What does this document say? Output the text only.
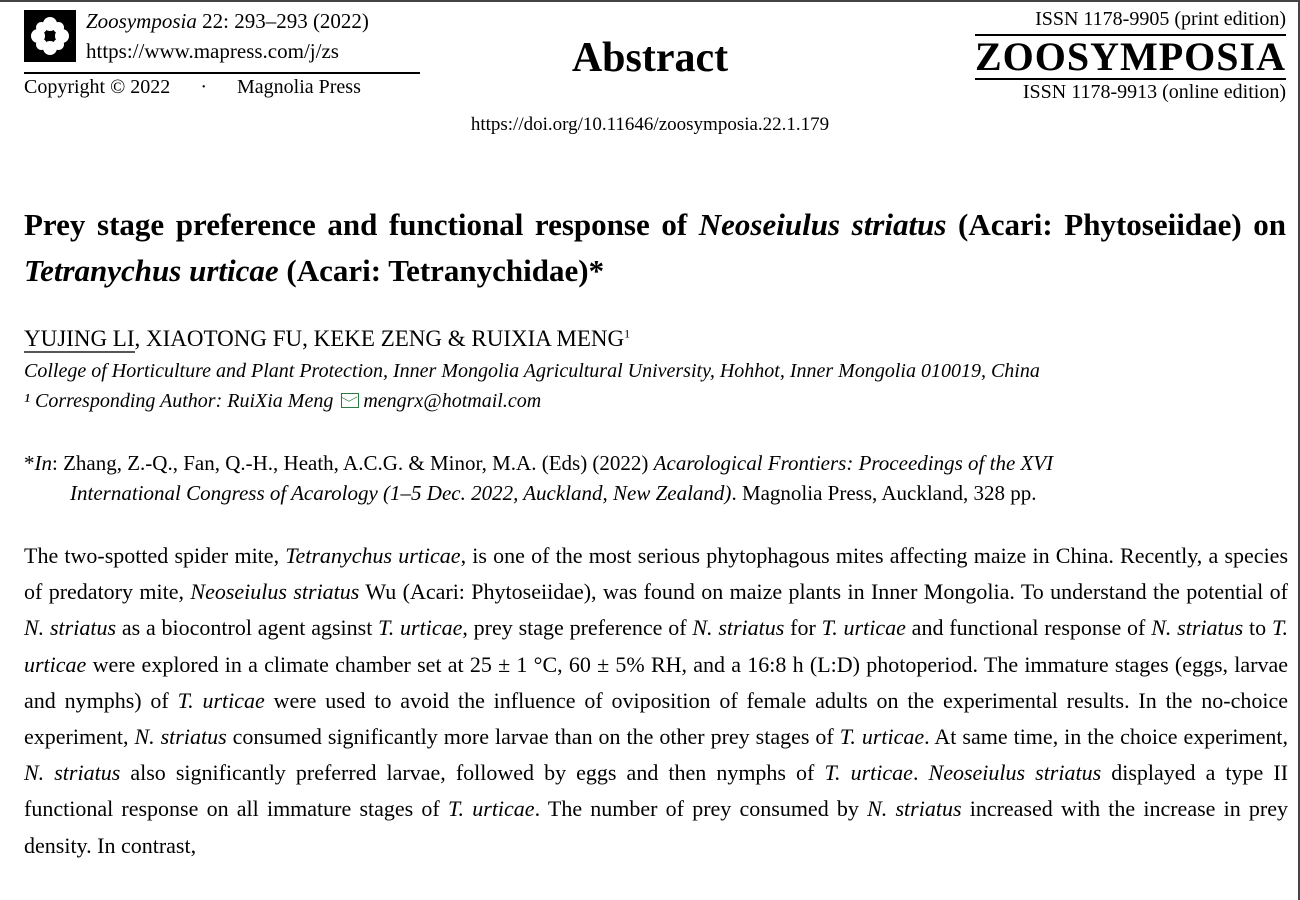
Zoosymposia 22: 293–293 (2022)
https://www.mapress.com/j/zs
Copyright © 2022 · Magnolia Press
Abstract
https://doi.org/10.11646/zoosymposia.22.1.179
ISSN 1178-9905 (print edition)
ZOOSYMPOSIA
ISSN 1178-9913 (online edition)
Prey stage preference and functional response of Neoseiulus striatus (Acari: Phytoseiidae) on Tetranychus urticae (Acari: Tetranychidae)*
YUJING LI, XIAOTONG FU, KEKE ZENG & RUIXIA MENG$^1$
College of Horticulture and Plant Protection, Inner Mongolia Agricultural University, Hohhot, Inner Mongolia 010019, China
¹ Corresponding Author: RuiXia Meng mengrx@hotmail.com
*In: Zhang, Z.-Q., Fan, Q.-H., Heath, A.C.G. & Minor, M.A. (Eds) (2022) Acarological Frontiers: Proceedings of the XVI
International Congress of Acarology (1–5 Dec. 2022, Auckland, New Zealand). Magnolia Press, Auckland, 328 pp.
The two-spotted spider mite, Tetranychus urticae, is one of the most serious phytophagous mites affecting maize in China. Recently, a species of predatory mite, Neoseiulus striatus Wu (Acari: Phytoseiidae), was found on maize plants in Inner Mongolia. To understand the potential of N. striatus as a biocontrol agent agsinst T. urticae, prey stage preference of N. striatus for T. urticae and functional response of N. striatus to T. urticae were explored in a climate chamber set at 25 ± 1 °C, 60 ± 5% RH, and a 16:8 h (L:D) photoperiod. The immature stages (eggs, larvae and nymphs) of T. urticae were used to avoid the influence of oviposition of female adults on the experimental results. In the no-choice experiment, N. striatus consumed significantly more larvae than on the other prey stages of T. urticae. At same time, in the choice experiment, N. striatus also significantly preferred larvae, followed by eggs and then nymphs of T. urticae. Neoseiulus striatus displayed a type II functional response on all immature stages of T. urticae. The number of prey consumed by N. striatus increased with the increase in prey density. In contrast,
